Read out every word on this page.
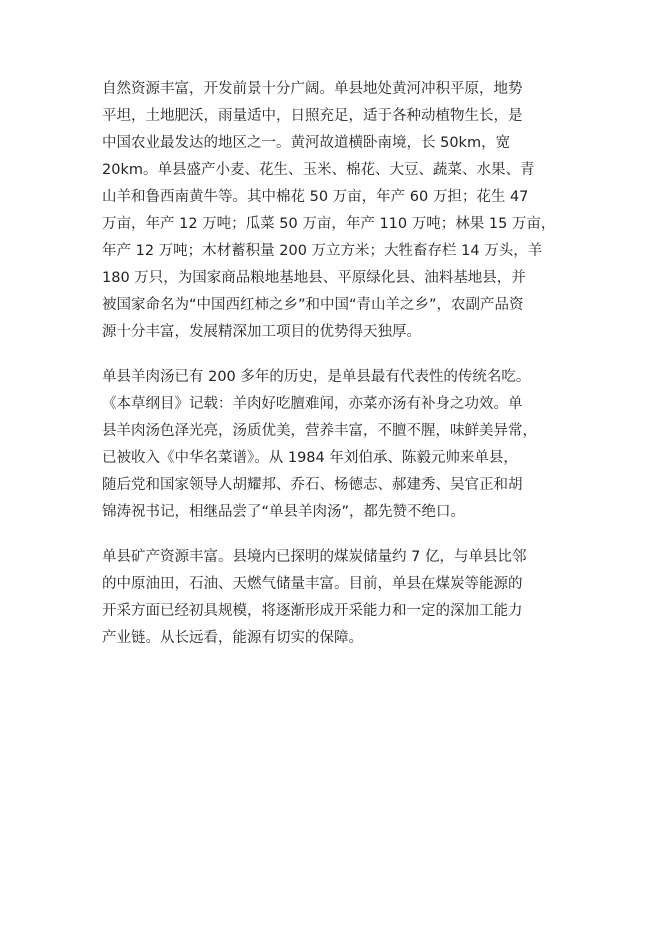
自然资源丰富，开发前景十分广阔。单县地处黄河冲积平原，地势
平坦，土地肥沃，雨量适中，日照充足，适于各种动植物生长，是
中国农业最发达的地区之一。黄河故道横卧南境，长 50km，宽
20km。单县盛产小麦、花生、玉米、棉花、大豆、蔬菜、水果、青
山羊和鲁西南黄牛等。其中棉花 50 万亩，年产 60 万担；花生 47
万亩，年产 12 万吨；瓜菜 50 万亩，年产 110 万吨；林果 15 万亩，
年产 12 万吨；木材蓄积量 200 万立方米；大牲畜存栏 14 万头，羊
180 万只，为国家商品粮地基地县、平原绿化县、油料基地县，并
被国家命名为“中国西红柿之乡”和中国“青山羊之乡”，农副产品资
源十分丰富，发展精深加工项目的优势得天独厚。
单县羊肉汤已有 200 多年的历史，是单县最有代表性的传统名吃。
《本草纲目》记载：羊肉好吃膻难闻，亦菜亦汤有补身之功效。单
县羊肉汤色泽光亮，汤质优美，营养丰富，不膻不腥，味鲜美异常，
已被收入《中华名菜谱》。从 1984 年刘伯承、陈毅元帅来单县，
随后党和国家领导人胡耀邦、乔石、杨德志、郝建秀、吴官正和胡
锦涛祝书记，相继品尝了“单县羊肉汤”，都先赞不绝口。
单县矿产资源丰富。县境内已探明的煤炭储量约 7 亿，与单县比邻
的中原油田，石油、天燃气储量丰富。目前，单县在煤炭等能源的
开采方面已经初具规模，将逐渐形成开采能力和一定的深加工能力
产业链。从长远看，能源有切实的保障。
